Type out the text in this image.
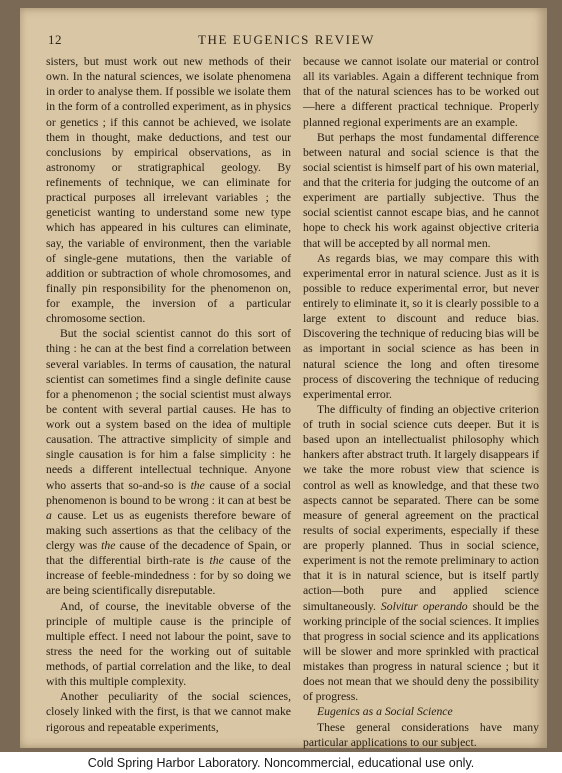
12	THE EUGENICS REVIEW

sisters, but must work out new methods of their own. In the natural sciences, we isolate phenomena in order to analyse them. If possible we isolate them in the form of a controlled experiment, as in physics or genetics ; if this cannot be achieved, we isolate them in thought, make deductions, and test our conclusions by empirical observations, as in astronomy or stratigraphical geology. By refinements of technique, we can eliminate for practical purposes all irrelevant variables ; the geneticist wanting to understand some new type which has appeared in his cultures can eliminate, say, the variable of environment, then the variable of single-gene mutations, then the variable of addition or subtraction of whole chromosomes, and finally pin responsibility for the phenomenon on, for example, the inversion of a particular chromosome section.

But the social scientist cannot do this sort of thing : he can at the best find a correlation between several variables. In terms of causation, the natural scientist can sometimes find a single definite cause for a phenomenon ; the social scientist must always be content with several partial causes. He has to work out a system based on the idea of multiple causation. The attractive simplicity of simple and single causation is for him a false simplicity : he needs a different intellectual technique. Anyone who asserts that so-and-so is the cause of a social phenomenon is bound to be wrong : it can at best be a cause. Let us as eugenists therefore beware of making such assertions as that the celibacy of the clergy was the cause of the decadence of Spain, or that the differential birth-rate is the cause of the increase of feeble-mindedness : for by so doing we are being scientifically disreputable.

And, of course, the inevitable obverse of the principle of multiple cause is the principle of multiple effect. I need not labour the point, save to stress the need for the working out of suitable methods, of partial correlation and the like, to deal with this multiple complexity.

Another peculiarity of the social sciences, closely linked with the first, is that we cannot make rigorous and repeatable experiments,

because we cannot isolate our material or control all its variables. Again a different technique from that of the natural sciences has to be worked out—here a different practical technique. Properly planned regional experiments are an example.

But perhaps the most fundamental difference between natural and social science is that the social scientist is himself part of his own material, and that the criteria for judging the outcome of an experiment are partially subjective. Thus the social scientist cannot escape bias, and he cannot hope to check his work against objective criteria that will be accepted by all normal men.

As regards bias, we may compare this with experimental error in natural science. Just as it is possible to reduce experimental error, but never entirely to eliminate it, so it is clearly possible to a large extent to discount and reduce bias. Discovering the technique of reducing bias will be as important in social science as has been in natural science the long and often tiresome process of discovering the technique of reducing experimental error.

The difficulty of finding an objective criterion of truth in social science cuts deeper. But it is based upon an intellectualist philosophy which hankers after abstract truth. It largely disappears if we take the more robust view that science is control as well as knowledge, and that these two aspects cannot be separated. There can be some measure of general agreement on the practical results of social experiments, especially if these are properly planned. Thus in social science, experiment is not the remote preliminary to action that it is in natural science, but is itself partly action—both pure and applied science simultaneously. Solvitur operando should be the working principle of the social sciences. It implies that progress in social science and its applications will be slower and more sprinkled with practical mistakes than progress in natural science ; but it does not mean that we should deny the possibility of progress.

Eugenics as a Social Science

These general considerations have many particular applications to our subject.

Cold Spring Harbor Laboratory. Noncommercial, educational use only.
